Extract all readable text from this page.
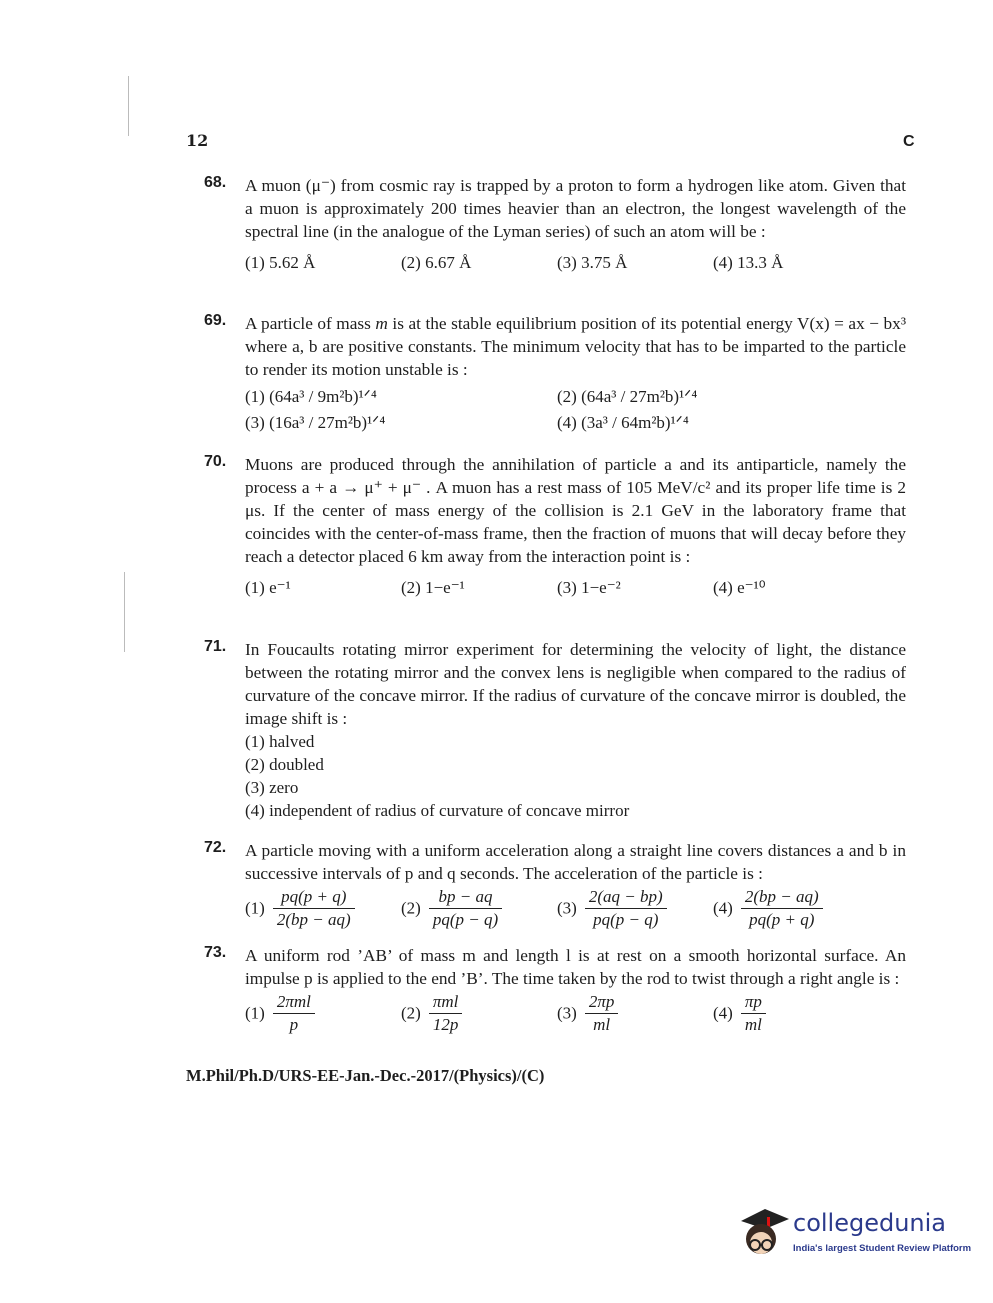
12	C
68. A muon (μ⁻) from cosmic ray is trapped by a proton to form a hydrogen like atom. Given that a muon is approximately 200 times heavier than an electron, the longest wavelength of the spectral line (in the analogue of the Lyman series) of such an atom will be :
(1) 5.62 Å	(2) 6.67 Å	(3) 3.75 Å	(4) 13.3 Å
69. A particle of mass m is at the stable equilibrium position of its potential energy V(x) = ax − bx³ where a, b are positive constants. The minimum velocity that has to be imparted to the particle to render its motion unstable is :
(1) (64a³ / 9m²b)¹ᐟ⁴	(2) (64a³ / 27m²b)¹ᐟ⁴
(3) (16a³ / 27m²b)¹ᐟ⁴	(4) (3a³ / 64m²b)¹ᐟ⁴
70. Muons are produced through the annihilation of particle a and its antiparticle, namely the process a + a → μ⁺ + μ⁻ . A muon has a rest mass of 105 MeV/c² and its proper life time is 2 μs. If the center of mass energy of the collision is 2.1 GeV in the laboratory frame that coincides with the center-of-mass frame, then the fraction of muons that will decay before they reach a detector placed 6 km away from the interaction point is :
(1) e⁻¹	(2) 1−e⁻¹	(3) 1−e⁻²	(4) e⁻¹⁰
71. In Foucaults rotating mirror experiment for determining the velocity of light, the distance between the rotating mirror and the convex lens is negligible when compared to the radius of curvature of the concave mirror. If the radius of curvature of the concave mirror is doubled, the image shift is :
(1) halved
(2) doubled
(3) zero
(4) independent of radius of curvature of concave mirror
72. A particle moving with a uniform acceleration along a straight line covers distances a and b in successive intervals of p and q seconds. The acceleration of the particle is :
$(1) \frac{pq(p + q)}{2(bp - aq)}$	$(2) \frac{bp - aq}{pq(p - q)}$	$(3) \frac{2(aq - bp)}{pq(p - q)}$	$(4) \frac{2(bp - aq)}{pq(p + q)}$
73. A uniform rod ’AB’ of mass m and length l is at rest on a smooth horizontal surface. An impulse p is applied to the end ’B’. The time taken by the rod to twist through a right angle is :
$(1) \frac{\text{2πml}}{p}$	$(2) \frac{\text{πml}}{12p}$	$(3) \frac{2\pi p}{ml}$	$(4) \frac{\pi p}{ml}$
M.Phil/Ph.D/URS-EE-Jan.-Dec.-2017/(Physics)/(C)
collegedunia
India's largest Student Review Platform
